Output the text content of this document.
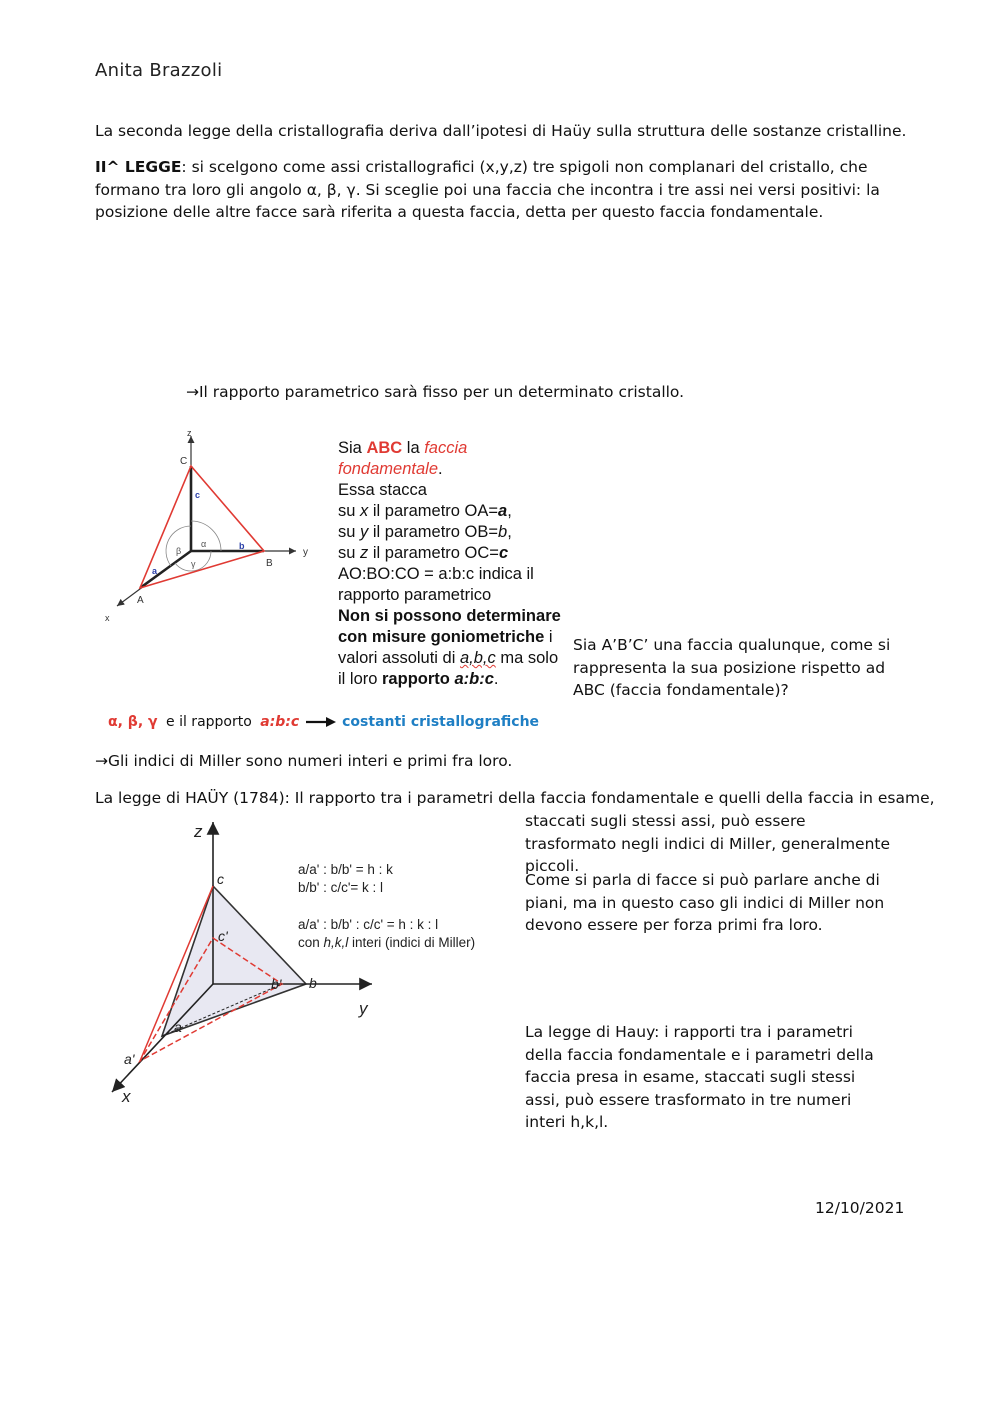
Anita Brazzoli
La seconda legge della cristallografia deriva dall’ipotesi di Haüy sulla struttura delle sostanze cristalline.
II^ LEGGE: si scelgono come assi cristallografici (x,y,z) tre spigoli non complanari del cristallo, che formano tra loro gli angolo α, β, γ. Si sceglie poi una faccia che incontra i tre assi nei versi positivi: la posizione delle altre facce sarà riferita a questa faccia, detta per questo faccia fondamentale.
→Il rapporto parametrico sarà fisso per un determinato cristallo.
z
y
x
C
B
A
c
b
a
α
β
γ
Sia ABC la faccia
fondamentale.
Essa stacca
su x il parametro OA=a,
su y il parametro OB=b,
su z il parametro OC=c
AO:BO:CO = a:b:c indica il
rapporto parametrico
Non si possono determinare
con misure goniometriche i
valori assoluti di a,b,c ma solo
il loro rapporto a:b:c.
Sia A’B’C’ una faccia qualunque, come si rappresenta la sua posizione rispetto ad ABC (faccia fondamentale)?
α, β, γ e il rapporto a:b:c	costanti cristallografiche
→Gli indici di Miller sono numeri interi e primi fra loro.
La legge di HAÜY (1784): Il rapporto tra i parametri della faccia fondamentale e quelli della faccia in esame,
staccati sugli stessi assi, può essere trasformato negli indici di Miller, generalmente piccoli.
Come si parla di facce si può parlare anche di piani, ma in questo caso gli indici di Miller non devono essere per forza primi fra loro.
z
y
x
c
c'
b
b'
a
a'
a/a' : b/b' = h : k
b/b' : c/c'= k : l
a/a' : b/b' : c/c' = h : k : l
con h,k,l interi (indici di Miller)
La legge di Hauy: i rapporti tra i parametri della faccia fondamentale e i parametri della faccia presa in esame, staccati sugli stessi assi, può essere trasformato in tre numeri interi h,k,l.
12/10/2021
